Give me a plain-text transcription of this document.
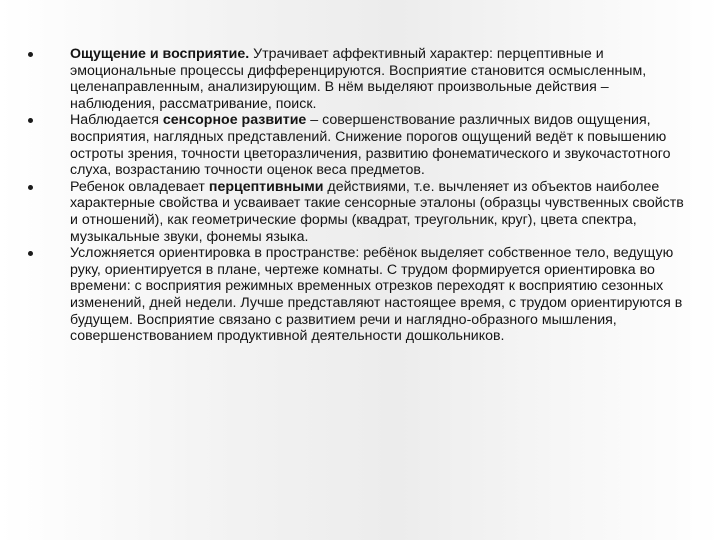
Ощущение и восприятие. Утрачивает аффективный характер: перцептивные и эмоциональные процессы дифференцируются. Восприятие становится осмысленным, целенаправленным, анализирующим. В нём выделяют произвольные действия – наблюдения, рассматривание, поиск.
Наблюдается сенсорное развитие – совершенствование различных видов ощущения, восприятия, наглядных представлений. Снижение порогов ощущений ведёт к повышению остроты зрения, точности цветоразличения, развитию фонематического и звукочастотного слуха, возрастанию точности оценок веса предметов.
Ребенок овладевает перцептивными действиями, т.е. вычленяет из объектов наиболее характерные свойства и усваивает такие сенсорные эталоны (образцы чувственных свойств и отношений), как геометрические формы (квадрат, треугольник, круг), цвета спектра, музыкальные звуки, фонемы языка.
Усложняется ориентировка в пространстве: ребёнок выделяет собственное тело, ведущую руку, ориентируется в плане, чертеже комнаты. С трудом формируется ориентировка во времени: с восприятия режимных временных отрезков переходят к восприятию сезонных изменений, дней недели. Лучше представляют настоящее время, с трудом ориентируются в будущем. Восприятие связано с развитием речи и наглядно-образного мышления, совершенствованием продуктивной деятельности дошкольников.
